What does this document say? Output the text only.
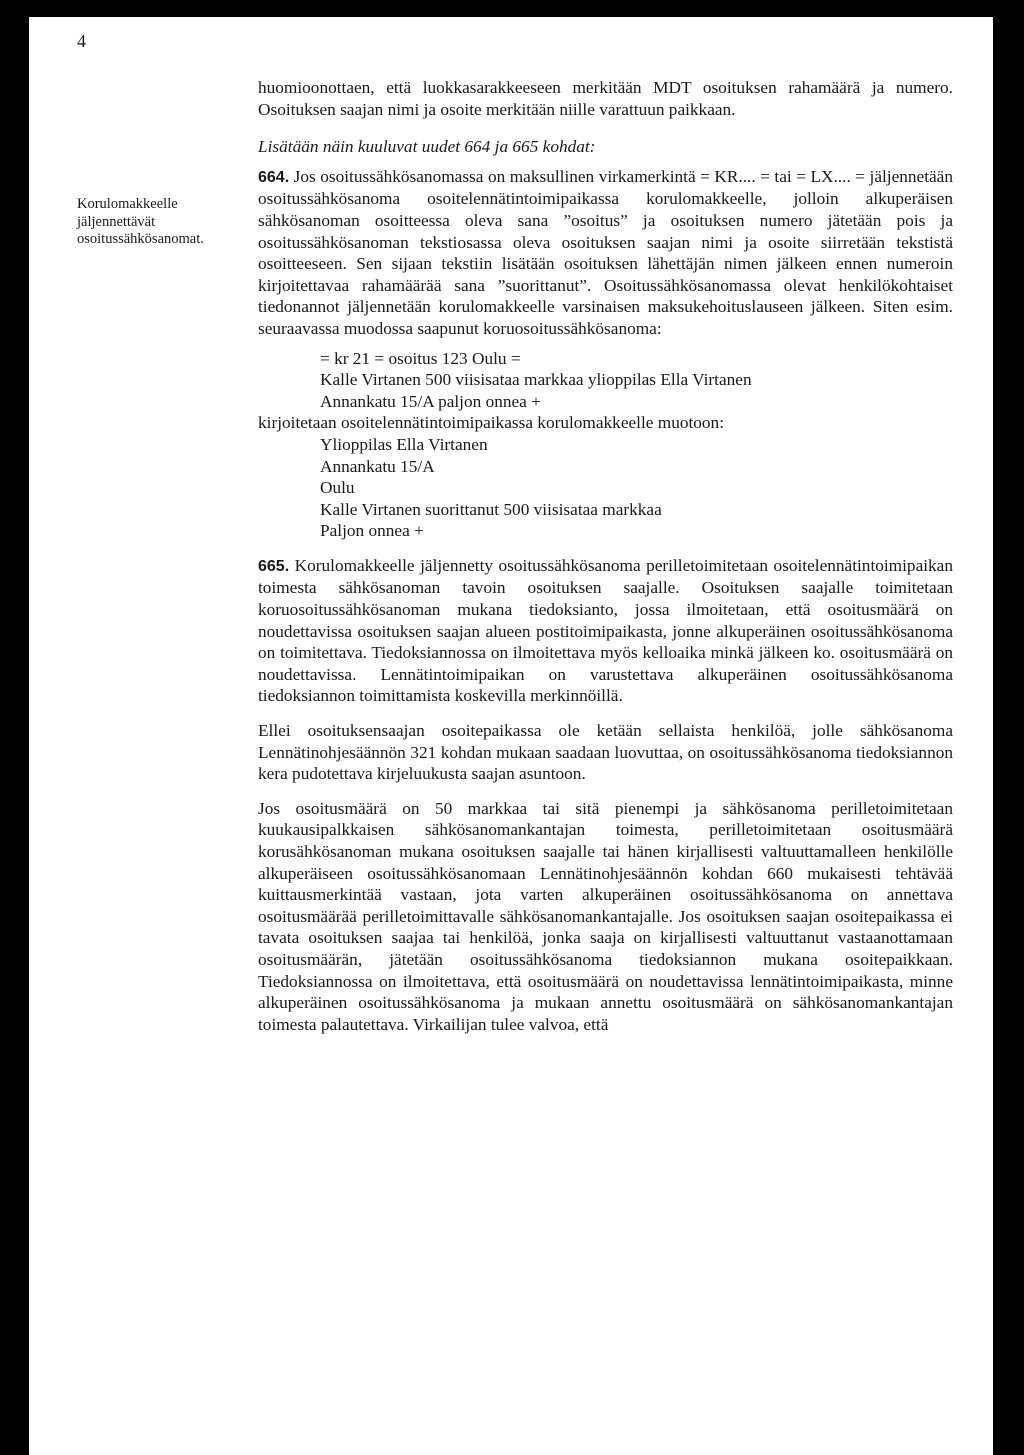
4
Korulomakkeelle jäljennettävät osoitussähkösanomat.

huomioonottaen, että luokkasarakkeeseen merkitään MDT osoituksen rahamäärä ja numero. Osoituksen saajan nimi ja osoite merkitään niille varattuun paikkaan.

Lisätään näin kuuluvat uudet 664 ja 665 kohdat:

664. Jos osoitussähkösanomassa on maksullinen virkamerkintä = KR.... = tai = LX.... = jäljennetään osoitussähkösanoma osoitelennätintoimipaikassa korulomakkeelle, jolloin alkuperäisen sähkösanoman osoitteessa oleva sana ”osoitus” ja osoituksen numero jätetään pois ja osoitussähkösanoman tekstiosassa oleva osoituksen saajan nimi ja osoite siirretään tekstistä osoitteeseen. Sen sijaan tekstiin lisätään osoituksen lähettäjän nimen jälkeen ennen numeroin kirjoitettavaa rahamäärää sana ”suorittanut”. Osoitussähkösanomassa olevat henkilökohtaiset tiedonannot jäljennetään korulomakkeelle varsinaisen maksukehoituslauseen jälkeen. Siten esim. seuraavassa muodossa saapunut koruosoitussähkösanoma:

= kr 21 = osoitus 123 Oulu =
Kalle Virtanen 500 viisisataa markkaa ylioppilas Ella Virtanen
Annankatu 15/A paljon onnea +
kirjoitetaan osoitelennätintoimipaikassa korulomakkeelle muotoon:
Ylioppilas Ella Virtanen
Annankatu 15/A
Oulu
Kalle Virtanen suorittanut 500 viisisataa markkaa
Paljon onnea +

665. Korulomakkeelle jäljennetty osoitussähkösanoma perilletoimitetaan osoitelennätintoimipaikan toimesta sähkösanoman tavoin osoituksen saajalle. Osoituksen saajalle toimitetaan koruosoitussähkösanoman mukana tiedoksianto, jossa ilmoitetaan, että osoitusmäärä on noudettavissa osoituksen saajan alueen postitoimipaikasta, jonne alkuperäinen osoitussähkösanoma on toimitettava. Tiedoksiannossa on ilmoitettava myös kelloaika minkä jälkeen ko. osoitusmäärä on noudettavissa. Lennätintoimipaikan on varustettava alkuperäinen osoitussähkösanoma tiedoksiannon toimittamista koskevilla merkinnöillä.

Ellei osoituksensaajan osoitepaikassa ole ketään sellaista henkilöä, jolle sähkösanoma Lennätinohjesäännön 321 kohdan mukaan saadaan luovuttaa, on osoitussähkösanoma tiedoksiannon kera pudotettava kirjeluukusta saajan asuntoon.

Jos osoitusmäärä on 50 markkaa tai sitä pienempi ja sähkösanoma perilletoimitetaan kuukausipalkkaisen sähkösanomankantajan toimesta, perilletoimitetaan osoitusmäärä korusähkösanoman mukana osoituksen saajalle tai hänen kirjallisesti valtuuttamalleen henkilölle alkuperäiseen osoitussähkösanomaan Lennätinohjesäännön kohdan 660 mukaisesti tehtävää kuittausmerkintää vastaan, jota varten alkuperäinen osoitussähkösanoma on annettava osoitusmäärää perilletoimittavalle sähkösanomankantajalle. Jos osoituksen saajan osoitepaikassa ei tavata osoituksen saajaa tai henkilöä, jonka saaja on kirjallisesti valtuuttanut vastaanottamaan osoitusmäärän, jätetään osoitussähkösanoma tiedoksiannon mukana osoitepaikkaan. Tiedoksiannossa on ilmoitettava, että osoitusmäärä on noudettavissa lennätintoimipaikasta, minne alkuperäinen osoitussähkösanoma ja mukaan annettu osoitusmäärä on sähkösanomankantajan toimesta palautettava. Virkailijan tulee valvoa, että
